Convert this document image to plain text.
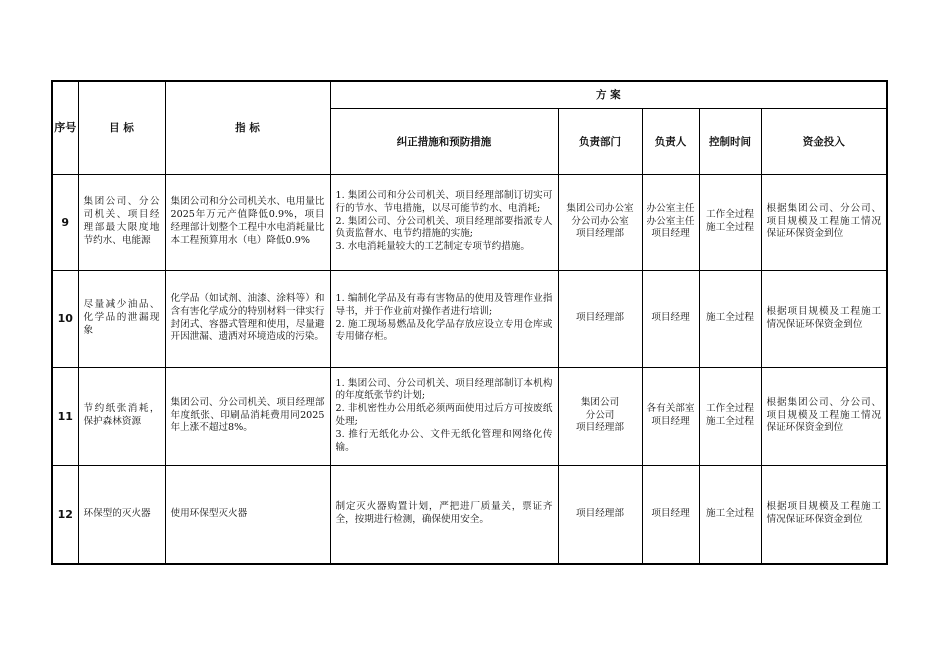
序号	目 标	指 标	方 案				
			纠正措施和预防措施	负责部门	负责人	控制时间	资金投入
9	集团公司、分公司机关、项目经理部最大限度地节约水、电能源	集团公司和分公司机关水、电用量比2025年万元产值降低0.9%，项目经理部计划整个工程中水电消耗量比本工程预算用水（电）降低0.9%	1. 集团公司和分公司机关、项目经理部制订切实可行的节水、节电措施，以尽可能节约水、电消耗;
2. 集团公司、分公司机关、项目经理部要指派专人负责监督水、电节约措施的实施;
3. 水电消耗量较大的工艺制定专项节约措施。	集团公司办公室
分公司办公室
项目经理部	办公室主任
办公室主任
项目经理	工作全过程
施工全过程	根据集团公司、分公司、项目规模及工程施工情况保证环保资金到位
10	尽量减少油品、化学品的泄漏现象	化学品（如试剂、油漆、涂料等）和含有害化学成分的特别材料一律实行封闭式、容器式管理和使用，尽量避开因泄漏、遗洒对环境造成的污染。	1. 编制化学品及有毒有害物品的使用及管理作业指导书，并于作业前对操作者进行培训;
2. 施工现场易燃品及化学品存放应设立专用仓库或专用储存柜。	项目经理部	项目经理	施工全过程	根据项目规模及工程施工情况保证环保资金到位
11	节约纸张消耗，保护森林资源	集团公司、分公司机关、项目经理部年度纸张、印刷品消耗费用同2025年上涨不超过8%。	1. 集团公司、分公司机关、项目经理部制订本机构的年度纸张节约计划;
2. 非机密性办公用纸必须两面使用过后方可按废纸处理;
3. 推行无纸化办公、文件无纸化管理和网络化传输。	集团公司
分公司
项目经理部	各有关部室
项目经理	工作全过程
施工全过程	根据集团公司、分公司、项目规模及工程施工情况保证环保资金到位
12	环保型的灭火器	使用环保型灭火器	制定灭火器购置计划，严把进厂质量关，票证齐全，按期进行检测，确保使用安全。	项目经理部	项目经理	施工全过程	根据项目规模及工程施工情况保证环保资金到位
